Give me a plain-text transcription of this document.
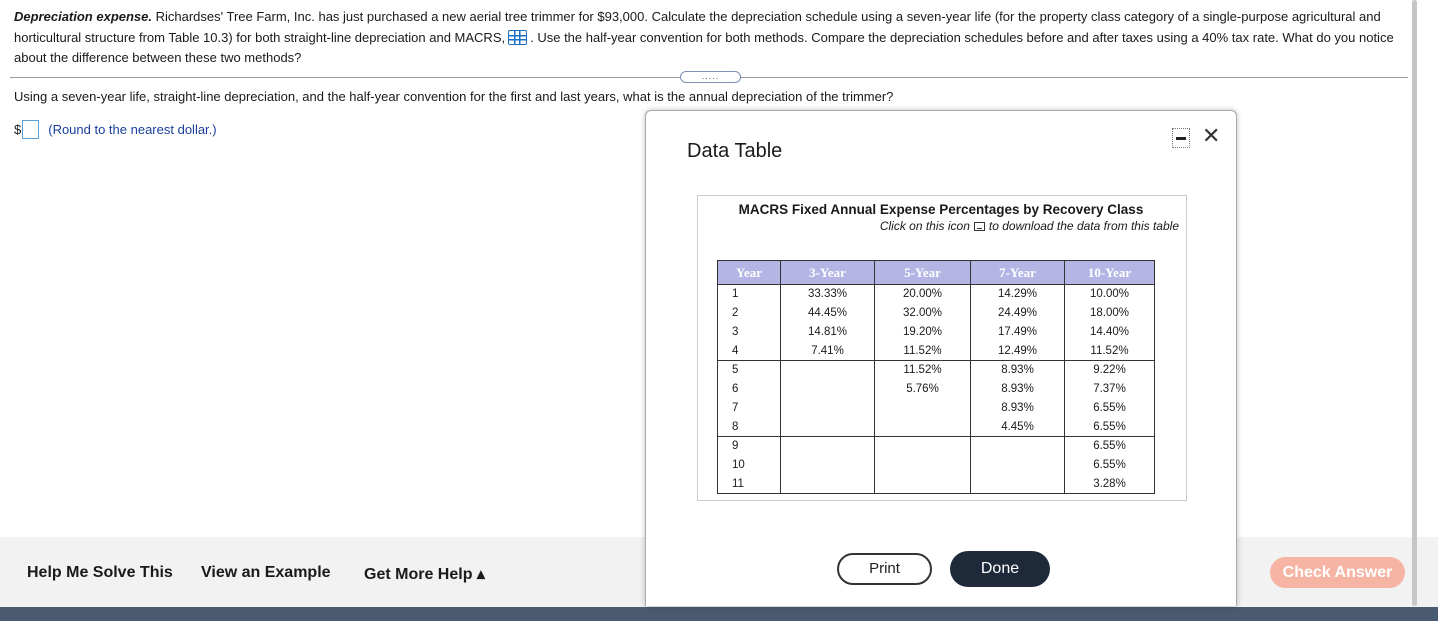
Depreciation expense. Richardses' Tree Farm, Inc. has just purchased a new aerial tree trimmer for $93,000. Calculate the depreciation schedule using a seven-year life (for the property class category of a single-purpose agricultural and horticultural structure from Table 10.3) for both straight-line depreciation and MACRS, . Use the half-year convention for both methods. Compare the depreciation schedules before and after taxes using a 40% tax rate. What do you notice about the difference between these two methods?
.....
Using a seven-year life, straight-line depreciation, and the half-year convention for the first and last years, what is the annual depreciation of the trimmer?
$ (Round to the nearest dollar.)
Help Me Solve This View an Example Get More Help ▴	Check Answer
Data Table
✕
MACRS Fixed Annual Expense Percentages by Recovery Class
Click on this icon to download the data from this table
Year	3-Year	5-Year	7-Year	10-Year
1	33.33%	20.00%	14.29%	10.00%
2	44.45%	32.00%	24.49%	18.00%
3	14.81%	19.20%	17.49%	14.40%
4	7.41%	11.52%	12.49%	11.52%
5		11.52%	8.93%	9.22%
6		5.76%	8.93%	7.37%
7			8.93%	6.55%
8			4.45%	6.55%
9				6.55%
10				6.55%
11				3.28%
Print	Done
